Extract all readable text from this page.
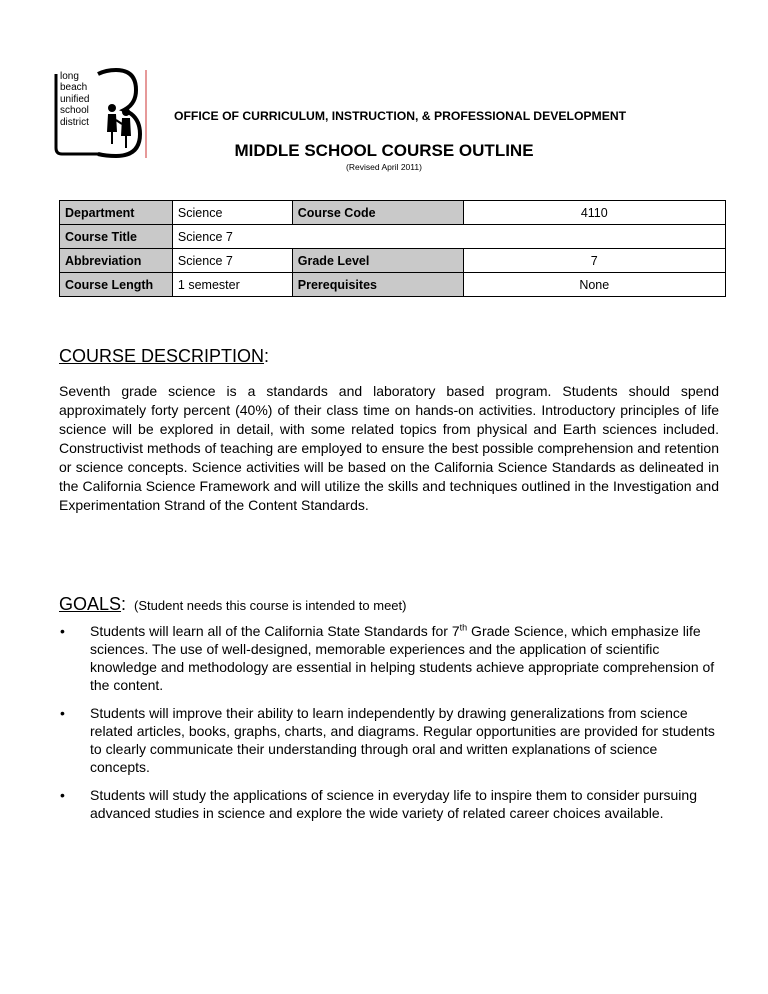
long
beach
unified
school
district	OFFICE OF CURRICULUM, INSTRUCTION, & PROFESSIONAL DEVELOPMENT
MIDDLE SCHOOL COURSE OUTLINE
(Revised April 2011)
Department	Science	Course Code	4110
Course Title	Science 7		
Abbreviation	Science 7	Grade Level	7
Course Length	1 semester	Prerequisites	None
COURSE DESCRIPTION:
Seventh grade science is a standards and laboratory based program. Students should spend approximately forty percent (40%) of their class time on hands-on activities. Introductory principles of life science will be explored in detail, with some related topics from physical and Earth sciences included. Constructivist methods of teaching are employed to ensure the best possible comprehension and retention or science concepts. Science activities will be based on the California Science Standards as delineated in the California Science Framework and will utilize the skills and techniques outlined in the Investigation and Experimentation Strand of the Content Standards.
GOALS: (Student needs this course is intended to meet)
• Students will learn all of the California State Standards for 7th Grade Science, which emphasize life sciences. The use of well-designed, memorable experiences and the application of scientific knowledge and methodology are essential in helping students achieve appropriate comprehension of the content.
• Students will improve their ability to learn independently by drawing generalizations from science related articles, books, graphs, charts, and diagrams. Regular opportunities are provided for students to clearly communicate their understanding through oral and written explanations of science concepts.
• Students will study the applications of science in everyday life to inspire them to consider pursuing advanced studies in science and explore the wide variety of related career choices available.
